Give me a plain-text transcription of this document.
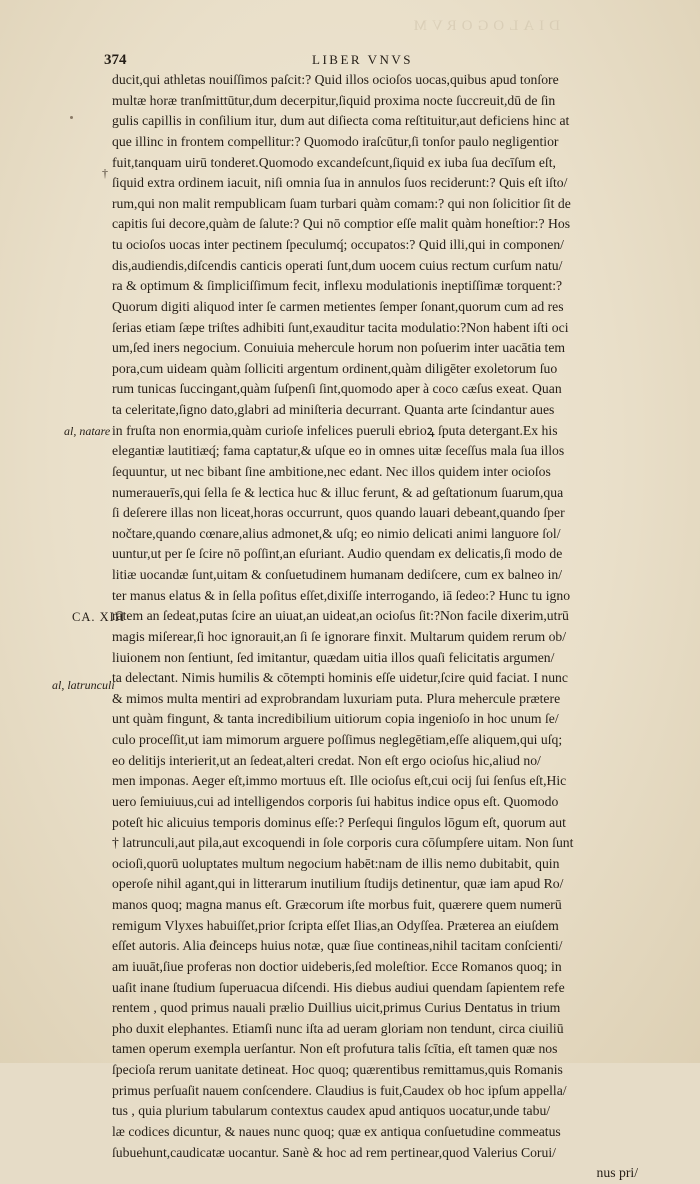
DIALOGORVM
374	LIBER VNVS
al, natare
CA. XIII
al, latrunculi
†
ducit,qui athletas nouiſſimos paſcit:? Quid illos ocioſos uocas,quibus apud tonſore
multæ horæ tranſmittūtur,dum decerpitur,ſiquid proxima nocte ſuccreuit,dū de ſin
gulis capillis in conſilium itur, dum aut diſiecta coma reſtituitur,aut deficiens hinc at
que illinc in frontem compellitur:? Quomodo iraſcūtur,ſi tonſor paulo negligentior
fuit,tanquam uirū tonderet.Quomodo excandeſcunt,ſiquid ex iuba ſua decīſum eſt,
ſiquid extra ordinem iacuit, niſi omnia ſua in annulos ſuos reciderunt:? Quis eſt iſto/
rum,qui non malit rempublicam ſuam turbari quàm comam:? qui non ſolicitior ſit de
capitis ſui decore,quàm de ſalute:? Qui nō comptior eſſe malit quàm honeſtior:? Hos
tu ocioſos uocas inter pectinem ſpeculumq́; occupatos:? Quid illi,qui in componen/
dis,audiendis,diſcendis canticis operati ſunt,dum uocem cuius rectum curſum natu/
ra & optimum & ſimpliciſſimum fecit, inflexu modulationis ineptiſſimæ torquent:?
Quorum digiti aliquod inter ſe carmen metientes ſemper ſonant,quorum cum ad res
ſerias etiam ſæpe triſtes adhibiti ſunt,exauditur tacita modulatio:?Non habent iſti oci
um,ſed iners negocium. Conuiuia mehercule horum non poſuerim inter uacātia tem
pora,cum uideam quàm ſolliciti argentum ordinent,quàm diligēter exoletorum ſuo
rum tunicas ſuccingant,quàm ſuſpenſi ſint,quomodo aper à coco cæſus exeat. Quan
ta celeritate,ſigno dato,glabri ad miniſteria decurrant. Quanta arte ſcindantur aues
in fruſta non enormia,quàm curioſe infelices pueruli ebrioꝝ ſputa detergant.Ex his
elegantiæ lautitiæq́; fama captatur,& uſque eo in omnes uitæ ſeceſſus mala ſua illos
ſequuntur, ut nec bibant ſine ambitione,nec edant. Nec illos quidem inter ocioſos
numerauerīs,qui ſella ſe & lectica huc & illuc ferunt, & ad geſtationum ſuarum,qua
ſi deſerere illas non liceat,horas occurrunt, quos quando lauari debeant,quando ſper
nočtare,quando cœnare,alius admonet,& uſq; eo nimio delicati animi languore ſol/
uuntur,ut per ſe ſcire nō poſſint,an eſuriant. Audio quendam ex delicatis,ſi modo de
litiæ uocandæ ſunt,uitam & conſuetudinem humanam dediſcere, cum ex balneo in/
ter manus elatus & in ſella poſitus eſſet,dixiſſe interrogando, iā ſedeo:? Hunc tu igno
rātem an ſedeat,putas ſcire an uiuat,an uideat,an ocioſus ſit:?Non facile dixerim,utrū
magis miſerear,ſi hoc ignorauit,an ſi ſe ignorare finxit. Multarum quidem rerum ob/
liuionem non ſentiunt, ſed imitantur, quædam uitia illos quaſi felicitatis argumen/
ta delectant. Nimis humilis & cōtempti hominis eſſe uidetur,ſcire quid faciat. I nunc
& mimos multa mentiri ad exprobrandam luxuriam puta. Plura mehercule prætere
unt quàm fingunt, & tanta incredibilium uitiorum copia ingenioſo in hoc unum ſe/
culo proceſſit,ut iam mimorum arguere poſſimus neglegētiam,eſſe aliquem,qui uſq;
eo delitijs interierit,ut an ſedeat,alteri credat. Non eſt ergo ocioſus hic,aliud no/
men imponas. Aeger eſt,immo mortuus eſt. Ille ocioſus eſt,cui ocij ſui ſenſus eſt,Hic
uero ſemiuiuus,cui ad intelligendos corporis ſui habitus indice opus eſt. Quomodo
poteſt hic alicuius temporis dominus eſſe:? Perſequi ſingulos lōgum eſt, quorum aut
† latrunculi,aut pila,aut excoquendi in ſole corporis cura cōſumpſere uitam. Non ſunt
ocioſi,quorū uoluptates multum negocium habēt:nam de illis nemo dubitabit, quin
operoſe nihil agant,qui in litterarum inutilium ſtudijs detinentur, quæ iam apud Ro/
manos quoq; magna manus eſt. Græcorum iſte morbus fuit, quærere quem numerū
remigum Vlyxes habuiſſet,prior ſcripta eſſet Ilias,an Odyſſea. Præterea an eiuſdem
eſſet autoris. Alia deinceps huius notæ, quæ ſiue contineas,nihil tacitam conſcienti/
am iuuāt,ſiue proferas non doctior uideberis,ſed moleſtior. Ecce Romanos quoq; in
uaſit inane ſtudium ſuperuacua diſcendi. His diebus audiui quendam ſapientem refe
rentem , quod primus nauali prælio Duillius uicit,primus Curius Dentatus in trium
pho duxit elephantes. Etiamſi nunc iſta ad ueram gloriam non tendunt, circa ciuiliū
tamen operum exempla uerſantur. Non eſt profutura talis ſcītia, eſt tamen quæ nos
ſpecioſa rerum uanitate detineat. Hoc quoq; quærentibus remittamus,quis Romanis
primus perſuaſit nauem conſcendere. Claudius is fuit,Caudex ob hoc ipſum appella/
tus , quia plurium tabularum contextus caudex apud antiquos uocatur,unde tabu/
læ codices dicuntur, & naues nunc quoq; quæ ex antiqua conſuetudine commeatus
ſubuehunt,caudicatæ uocantur. Sanè & hoc ad rem pertinear,quod Valerius Corui/
nus pri/
